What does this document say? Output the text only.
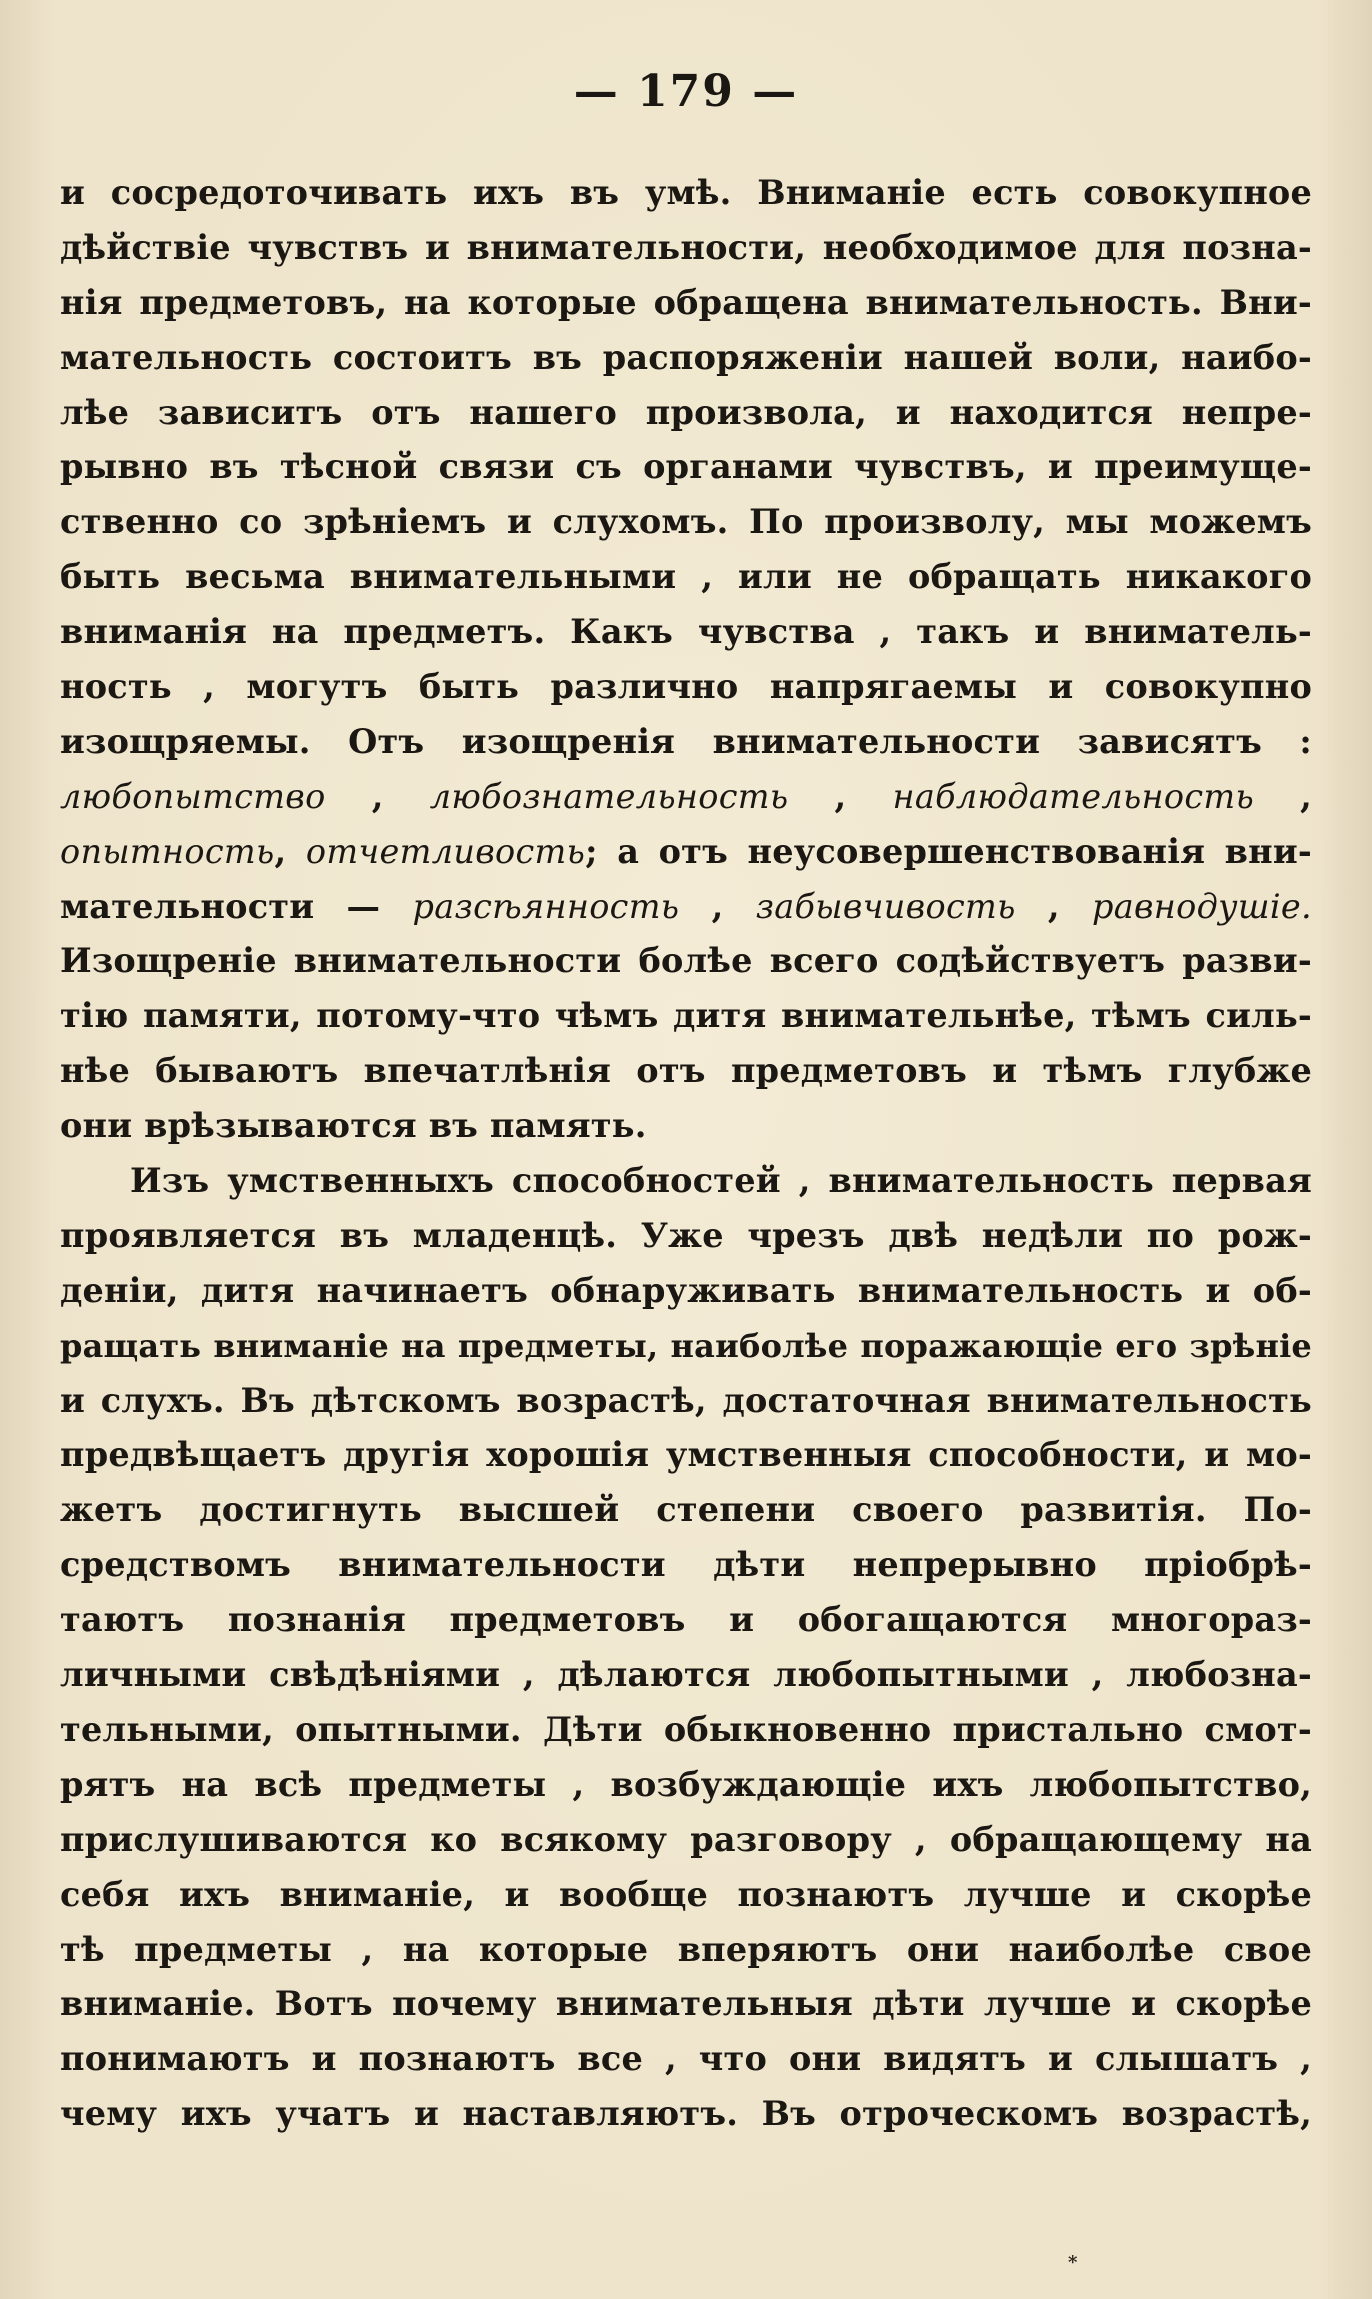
— 179 —
и сосредоточивать ихъ въ умѣ. Вниманіе есть совокупное
дѣйствіе чувствъ и внимательности, необходимое для позна-
нія предметовъ, на которые обращена внимательность. Вни-
мательность состоитъ въ распоряженіи нашей воли, наибо-
лѣе зависитъ отъ нашего произвола, и находится непре-
рывно въ тѣсной связи съ органами чувствъ, и преимуще-
ственно со зрѣніемъ и слухомъ. По произволу, мы можемъ
быть весьма внимательными , или не обращать никакого
вниманія на предметъ. Какъ чувства , такъ и вниматель-
ность , могутъ быть различно напрягаемы и совокупно
изощряемы. Отъ изощренія внимательности зависятъ :
любопытство , любознательность , наблюдательность ,
опытность, отчетливость; а отъ неусовершенствованія вни-
мательности — разсѣянность , забывчивость , равнодушіе.
Изощреніе внимательности болѣе всего содѣйствуетъ разви-
тію памяти, потому-что чѣмъ дитя внимательнѣе, тѣмъ силь-
нѣе бываютъ впечатлѣнія отъ предметовъ и тѣмъ глубже
они врѣзываются въ память.
Изъ умственныхъ способностей , внимательность первая
проявляется въ младенцѣ. Уже чрезъ двѣ недѣли по рож-
деніи, дитя начинаетъ обнаруживать внимательность и об-
ращать вниманіе на предметы, наиболѣе поражающіе его зрѣніе
и слухъ. Въ дѣтскомъ возрастѣ, достаточная внимательность
предвѣщаетъ другія хорошія умственныя способности, и мо-
жетъ достигнуть высшей степени своего развитія. По-
средствомъ внимательности дѣти непрерывно пріобрѣ-
таютъ познанія предметовъ и обогащаются многораз-
личными свѣдѣніями , дѣлаются любопытными , любозна-
тельными, опытными. Дѣти обыкновенно пристально смот-
рятъ на всѣ предметы , возбуждающіе ихъ любопытство,
прислушиваются ко всякому разговору , обращающему на
себя ихъ вниманіе, и вообще познаютъ лучше и скорѣе
тѣ предметы , на которые вперяютъ они наиболѣе свое
вниманіе. Вотъ почему внимательныя дѣти лучше и скорѣе
понимаютъ и познаютъ все , что они видятъ и слышатъ ,
чему ихъ учатъ и наставляютъ. Въ отроческомъ возрастѣ,
*
